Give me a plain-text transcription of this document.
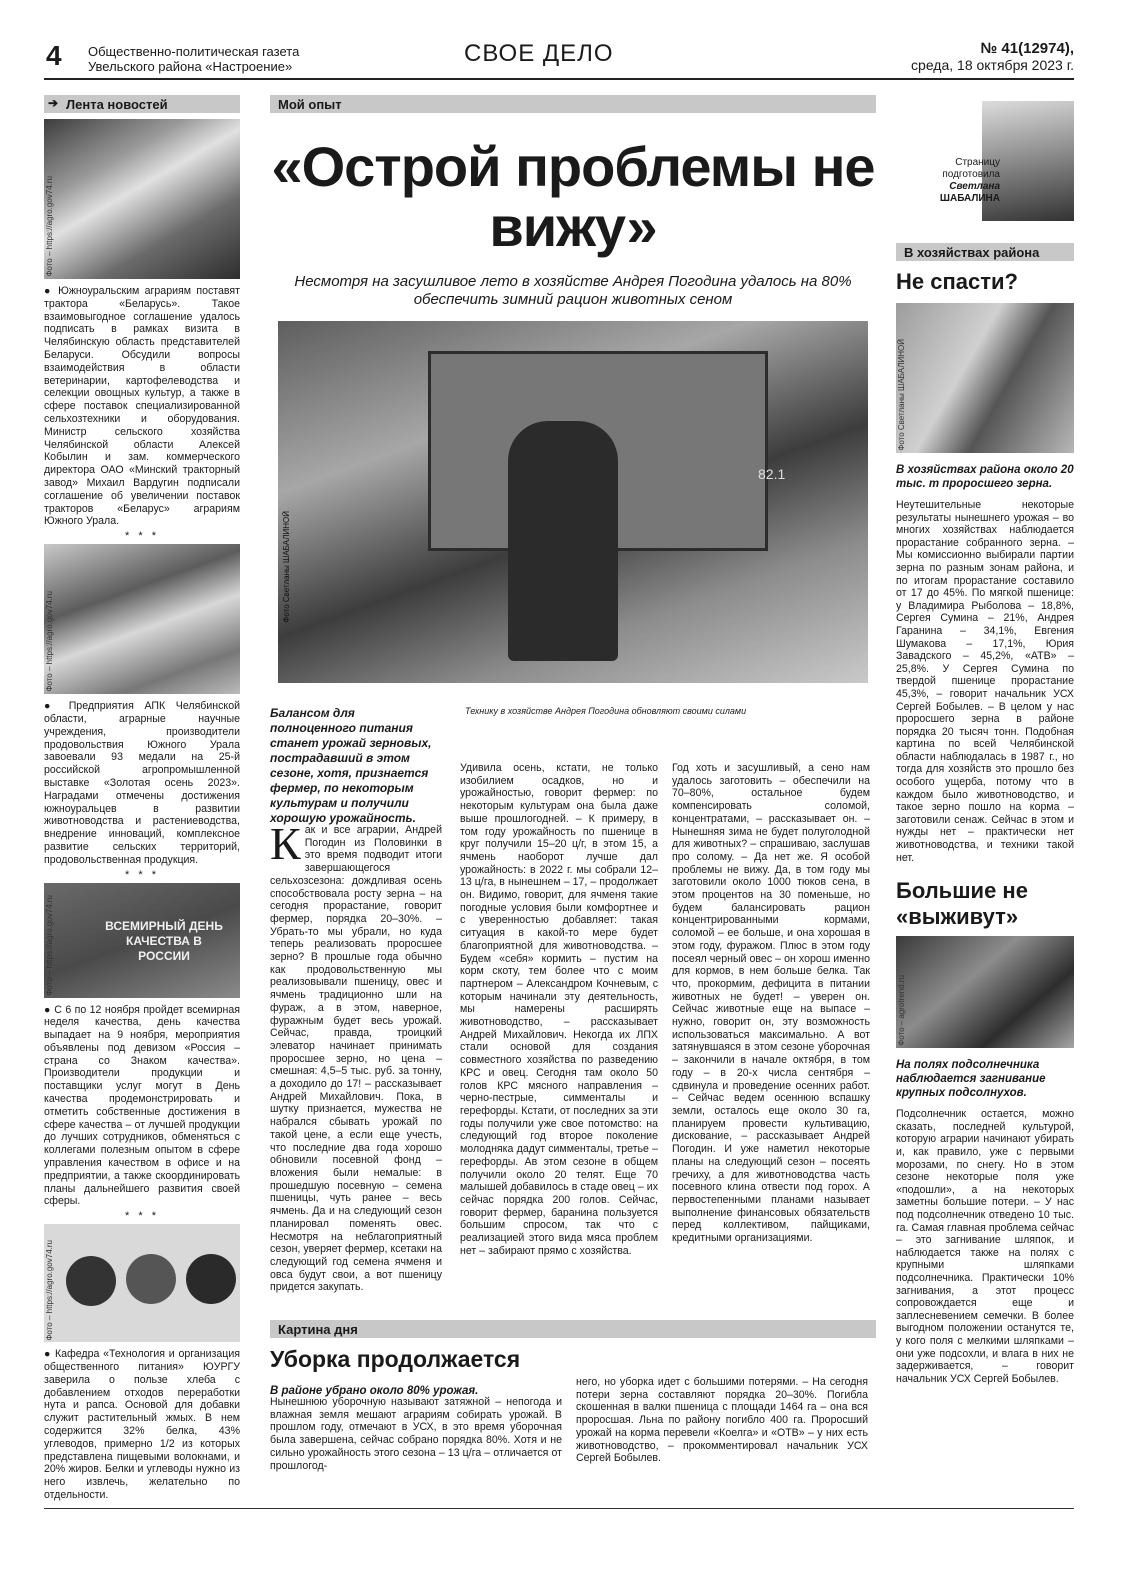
4 Общественно-политическая газета
Увельского района «Настроение»	СВОЕ ДЕЛО	№ 41(12974),
среда, 18 октября 2023 г.
➔ Лента новостей
Фото – https://agro.gov74.ru
● Южноуральским аграриям поставят трактора «Беларусь». Такое взаимовыгодное соглашение удалось подписать в рамках визита в Челябинскую область представителей Беларуси. Обсудили вопросы взаимодействия в области ветеринарии, картофелеводства и селекции овощных культур, а также в сфере поставок специализированной сельхозтехники и оборудования. Министр сельского хозяйства Челябинской области Алексей Кобылин и зам. коммерческого директора ОАО «Минский тракторный завод» Михаил Вардугин подписали соглашение об увеличении поставок тракторов «Беларус» аграриям Южного Урала.
* * *
Фото – https://agro.gov74.ru
● Предприятия АПК Челябинской области, аграрные научные учреждения, производители продовольствия Южного Урала завоевали 93 медали на 25-й российской агропромышленной выставке «Золотая осень 2023». Наградами отмечены достижения южноуральцев в развитии животноводства и растениеводства, внедрение инноваций, комплексное развитие сельских территорий, продовольственная продукция.
* * *
Фото – https://agro.gov74.ru	ВСЕМИРНЫЙ ДЕНЬ КАЧЕСТВА В РОССИИ
● С 6 по 12 ноября пройдет всемирная неделя качества, день качества выпадает на 9 ноября, мероприятия объявлены под девизом «Россия – страна со Знаком качества». Производители продукции и поставщики услуг могут в День качества продемонстрировать и отметить собственные достижения в сфере качества – от лучшей продукции до лучших сотрудников, обменяться с коллегами полезным опытом в сфере управления качеством в офисе и на предприятии, а также скоординировать планы дальнейшего развития своей сферы.
* * *
Фото – https://agro.gov74.ru
● Кафедра «Технология и организация общественного питания» ЮУРГУ заверила о пользе хлеба с добавлением отходов переработки нута и рапса. Основой для добавки служит растительный жмых. В нем содержится 32% белка, 43% углеводов, примерно 1/2 из которых представлена пищевыми волокнами, и 20% жиров. Белки и углеводы нужно из него извлечь, желательно по отдельности.
Мой опыт
«Острой проблемы не вижу»
Несмотря на засушливое лето в хозяйстве Андрея Погодина удалось на 80% обеспечить зимний рацион животных сеном
82.1
Фото Светланы ШАБАЛИНОЙ
Технику в хозяйстве Андрея Погодина обновляют своими силами
Балансом для полноценного питания станет урожай зерновых, пострадавший в этом сезоне, хотя, признается фермер, по некоторым культурам и получили хорошую урожайность.
Как и все аграрии, Андрей Погодин из Половинки в это время подводит итоги завершающегося сельхозсезона: дождливая осень способствовала росту зерна – на сегодня прорастание, говорит фермер, порядка 20–30%. – Убрать-то мы убрали, но куда теперь реализовать проросшее зерно? В прошлые года обычно как продовольственную мы реализовывали пшеницу, овес и ячмень традиционно шли на фураж, а в этом, наверное, фуражным будет весь урожай. Сейчас, правда, троицкий элеватор начинает принимать проросшее зерно, но цена – смешная: 4,5–5 тыс. руб. за тонну, а доходило до 17! – рассказывает Андрей Михайлович. Пока, в шутку признается, мужества не набрался сбывать урожай по такой цене, а если еще учесть, что последние два года хорошо обновили посевной фонд – вложения были немалые: в прошедшую посевную – семена пшеницы, чуть ранее – весь ячмень. Да и на следующий сезон планировал поменять овес. Несмотря на неблагоприятный сезон, уверяет фермер, ксетаки на следующий год семена ячменя и овса будут свои, а вот пшеницу придется закупать.
Удивила осень, кстати, не только изобилием осадков, но и урожайностью, говорит фермер: по некоторым культурам она была даже выше прошлогодней. – К примеру, в том году урожайность по пшенице в круг получили 15–20 ц/г, в этом 15, а ячмень наоборот лучше дал урожайность: в 2022 г. мы собрали 12–13 ц/га, в нынешнем – 17, – продолжает он. Видимо, говорит, для ячменя такие погодные условия были комфортнее и с уверенностью добавляет: такая ситуация в какой-то мере будет благоприятной для животноводства. – Будем «себя» кормить – пустим на корм скоту, тем более что с моим партнером – Александром Кочневым, с которым начинали эту деятельность, мы намерены расширять животноводство, – рассказывает Андрей Михайлович. Некогда их ЛПХ стали основой для создания совместного хозяйства по разведению КРС и овец. Сегодня там около 50 голов КРС мясного направления – черно-пестрые, симменталы и герефорды. Кстати, от последних за эти годы получили уже свое потомство: на следующий год второе поколение молодняка дадут симменталы, третье – герефорды. Ав этом сезоне в общем получили около 20 телят. Еще 70 малышей добавилось в стаде овец – их сейчас порядка 200 голов. Сейчас, говорит фермер, баранина пользуется большим спросом, так что с реализацией этого вида мяса проблем нет – забирают прямо с хозяйства.
Год хоть и засушливый, а сено нам удалось заготовить – обеспечили на 70–80%, остальное будем компенсировать соломой, концентратами, – рассказывает он. – Нынешняя зима не будет полуголодной для животных? – спрашиваю, заслушав про солому. – Да нет же. Я особой проблемы не вижу. Да, в том году мы заготовили около 1000 тюков сена, в этом процентов на 30 поменьше, но будем балансировать рацион концентрированными кормами, соломой – ее больше, и она хорошая в этом году, фуражом. Плюс в этом году посеял черный овес – он хорош именно для кормов, в нем больше белка. Так что, прокормим, дефицита в питании животных не будет! – уверен он. Сейчас животные еще на выпасе – нужно, говорит он, эту возможность использоваться максимально. А вот затянувшаяся в этом сезоне уборочная – закончили в начале октября, в том году – в 20-х числа сентября – сдвинула и проведение осенних работ. – Сейчас ведем осеннюю вспашку земли, осталось еще около 30 га, планируем провести культивацию, дискование, – рассказывает Андрей Погодин. И уже наметил некоторые планы на следующий сезон – посеять гречиху, а для животноводства часть посевного клина отвести под горох. А первостепенными планами называет выполнение финансовых обязательств перед коллективом, пайщиками, кредитными организациями.
Страницу
подготовила
Светлана
ШАБАЛИНА
В хозяйствах района
Не спасти?
Фото Светланы ШАБАЛИНОЙ
В хозяйствах района около 20 тыс. т проросшего зерна.
Неутешительные некоторые результаты нынешнего урожая – во многих хозяйствах наблюдается прорастание собранного зерна. – Мы комиссионно выбирали партии зерна по разным зонам района, и по итогам прорастание составило от 17 до 45%. По мягкой пшенице: у Владимира Рыболова – 18,8%, Сергея Сумина – 21%, Андрея Гаранина – 34,1%, Евгения Шумакова – 17,1%, Юрия Завадского – 45,2%, «АТВ» – 25,8%. У Сергея Сумина по твердой пшенице прорастание 45,3%, – говорит начальник УСХ Сергей Бобылев. – В целом у нас проросшего зерна в районе порядка 20 тысяч тонн. Подобная картина по всей Челябинской области наблюдалась в 1987 г., но тогда для хозяйств это прошло без особого ущерба, потому что в каждом было животноводство, и такое зерно пошло на корма – заготовили сенаж. Сейчас в этом и нужды нет – практически нет животноводства, и техники такой нет.
Большие не «выживут»
Фото – agrotrend.ru
На полях подсолнечника наблюдается загнивание крупных подсолнухов.
Подсолнечник остается, можно сказать, последней культурой, которую аграрии начинают убирать и, как правило, уже с первыми морозами, по снегу. Но в этом сезоне некоторые поля уже «подошли», а на некоторых заметны большие потери. – У нас под подсолнечник отведено 10 тыс. га. Самая главная проблема сейчас – это загнивание шляпок, и наблюдается также на полях с крупными шляпками подсолнечника. Практически 10% загнивания, а этот процесс сопровождается еще и заплесневением семечки. В более выгодном положении останутся те, у кого поля с мелкими шляпками – они уже подсохли, и влага в них не задерживается, – говорит начальник УСХ Сергей Бобылев.
Картина дня
Уборка продолжается
В районе убрано около 80% урожая.
Нынешнюю уборочную называют затяжной – непогода и влажная земля мешают аграриям собирать урожай. В прошлом году, отмечают в УСХ, в это время уборочная была завершена, сейчас собрано порядка 80%. Хотя и не сильно урожайность этого сезона – 13 ц/га – отличается от прошлогод-
него, но уборка идет с большими потерями. – На сегодня потери зерна составляют порядка 20–30%. Погибла скошенная в валки пшеница с площади 1464 га – она вся проросшая. Льна по району погибло 400 га. Проросший урожай на корма перевели «Коелга» и «ОТВ» – у них есть животноводство, – прокомментировал начальник УСХ Сергей Бобылев.
